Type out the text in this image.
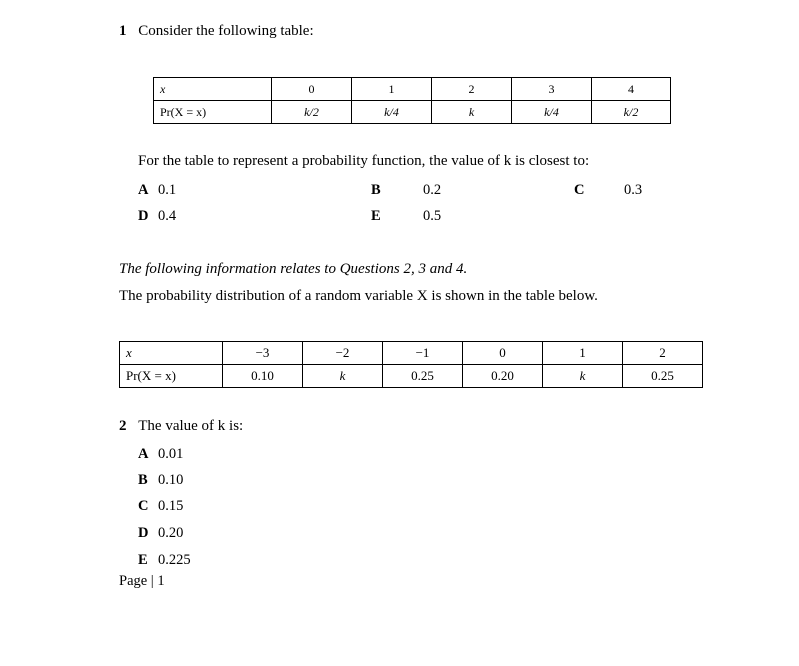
1 Consider the following table:
x	0	1	2	3	4
Pr(X = x)	k/2	k/4	k	k/4	k/2
For the table to represent a probability function, the value of k is closest to:
A 0.1	B	0.2	C	0.3
D 0.4	E	0.5
The following information relates to Questions 2, 3 and 4.
The probability distribution of a random variable X is shown in the table below.
x	−3	−2	−1	0	1	2
Pr(X = x)	0.10	k	0.25	0.20	k	0.25
2 The value of k is:
A 0.01
B 0.10
C 0.15
D 0.20
E 0.225
Page | 1
